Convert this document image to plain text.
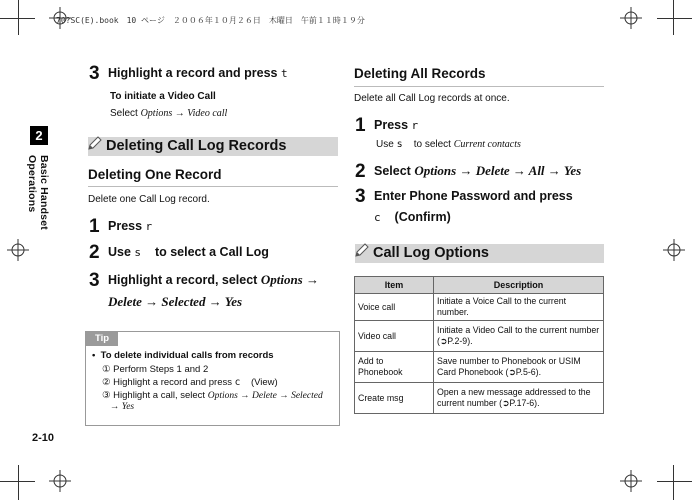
70?SC(E).book　10 ページ　２００６年１０月２６日　木曜日　午前１１時１９分
2
Basic Handset Operations
2-10
3 Highlight a record and press t
To initiate a Video Call
Select Options → Video call
Deleting Call Log Records
Deleting One Record
Delete one Call Log record.
1 Press r
2 Use s to select a Call Log
3 Highlight a record, select Options →
Delete → Selected → Yes
Tip
•  To delete individual calls from records
① Perform Steps 1 and 2
② Highlight a record and press c (View)
③ Highlight a call, select Options → Delete → Selected
→ Yes
Deleting All Records
Delete all Call Log records at once.
1 Press r
Use s to select Current contacts
2 Select Options → Delete → All → Yes
3 Enter Phone Password and press
c (Confirm)
Call Log Options
Item	Description
Voice call	Initiate a Voice Call to the current number.
Video call	Initiate a Video Call to the current number (➲P.2-9).
Add to Phonebook	Save number to Phonebook or USIM Card Phonebook (➲P.5-6).
Create msg	Open a new message addressed to the current number (➲P.17-6).
